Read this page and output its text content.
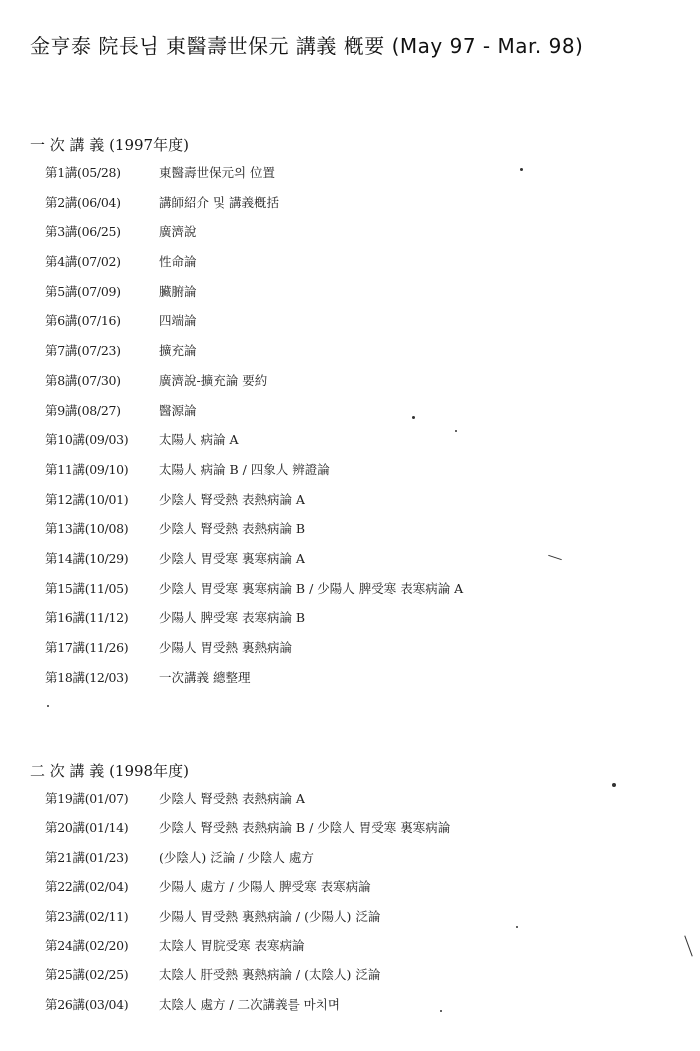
金亨泰 院長님 東醫壽世保元 講義 槪要 (May 97 - Mar. 98)
一 次 講 義 (1997年度)
第1講(05/28)	東醫壽世保元의 位置
第2講(06/04)	講師紹介 및 講義槪括
第3講(06/25)	廣濟說
第4講(07/02)	性命論
第5講(07/09)	臟腑論
第6講(07/16)	四端論
第7講(07/23)	擴充論
第8講(07/30)	廣濟說-擴充論 要約
第9講(08/27)	醫源論
第10講(09/03) 太陽人 病論 A
第11講(09/10) 太陽人 病論 B / 四象人 辨證論
第12講(10/01) 少陰人 腎受熱 表熱病論 A
第13講(10/08) 少陰人 腎受熱 表熱病論 B
第14講(10/29) 少陰人 胃受寒 裏寒病論 A
第15講(11/05) 少陰人 胃受寒 裏寒病論 B / 少陽人 脾受寒 表寒病論 A
第16講(11/12) 少陽人 脾受寒 表寒病論 B
第17講(11/26) 少陽人 胃受熱 裏熱病論
第18講(12/03) 一次講義 總整理
二 次 講 義 (1998年度)
第19講(01/07) 少陰人 腎受熱 表熱病論 A
第20講(01/14) 少陰人 腎受熱 表熱病論 B / 少陰人 胃受寒 裏寒病論
第21講(01/23) (少陰人) 泛論 / 少陰人 處方
第22講(02/04) 少陽人 處方 / 少陽人 脾受寒 表寒病論
第23講(02/11) 少陽人 胃受熱 裏熱病論 / (少陽人) 泛論
第24講(02/20) 太陰人 胃脘受寒 表寒病論
第25講(02/25) 太陰人 肝受熱 裏熱病論 / (太陰人) 泛論
第26講(03/04) 太陰人 處方 / 二次講義를 마치며
